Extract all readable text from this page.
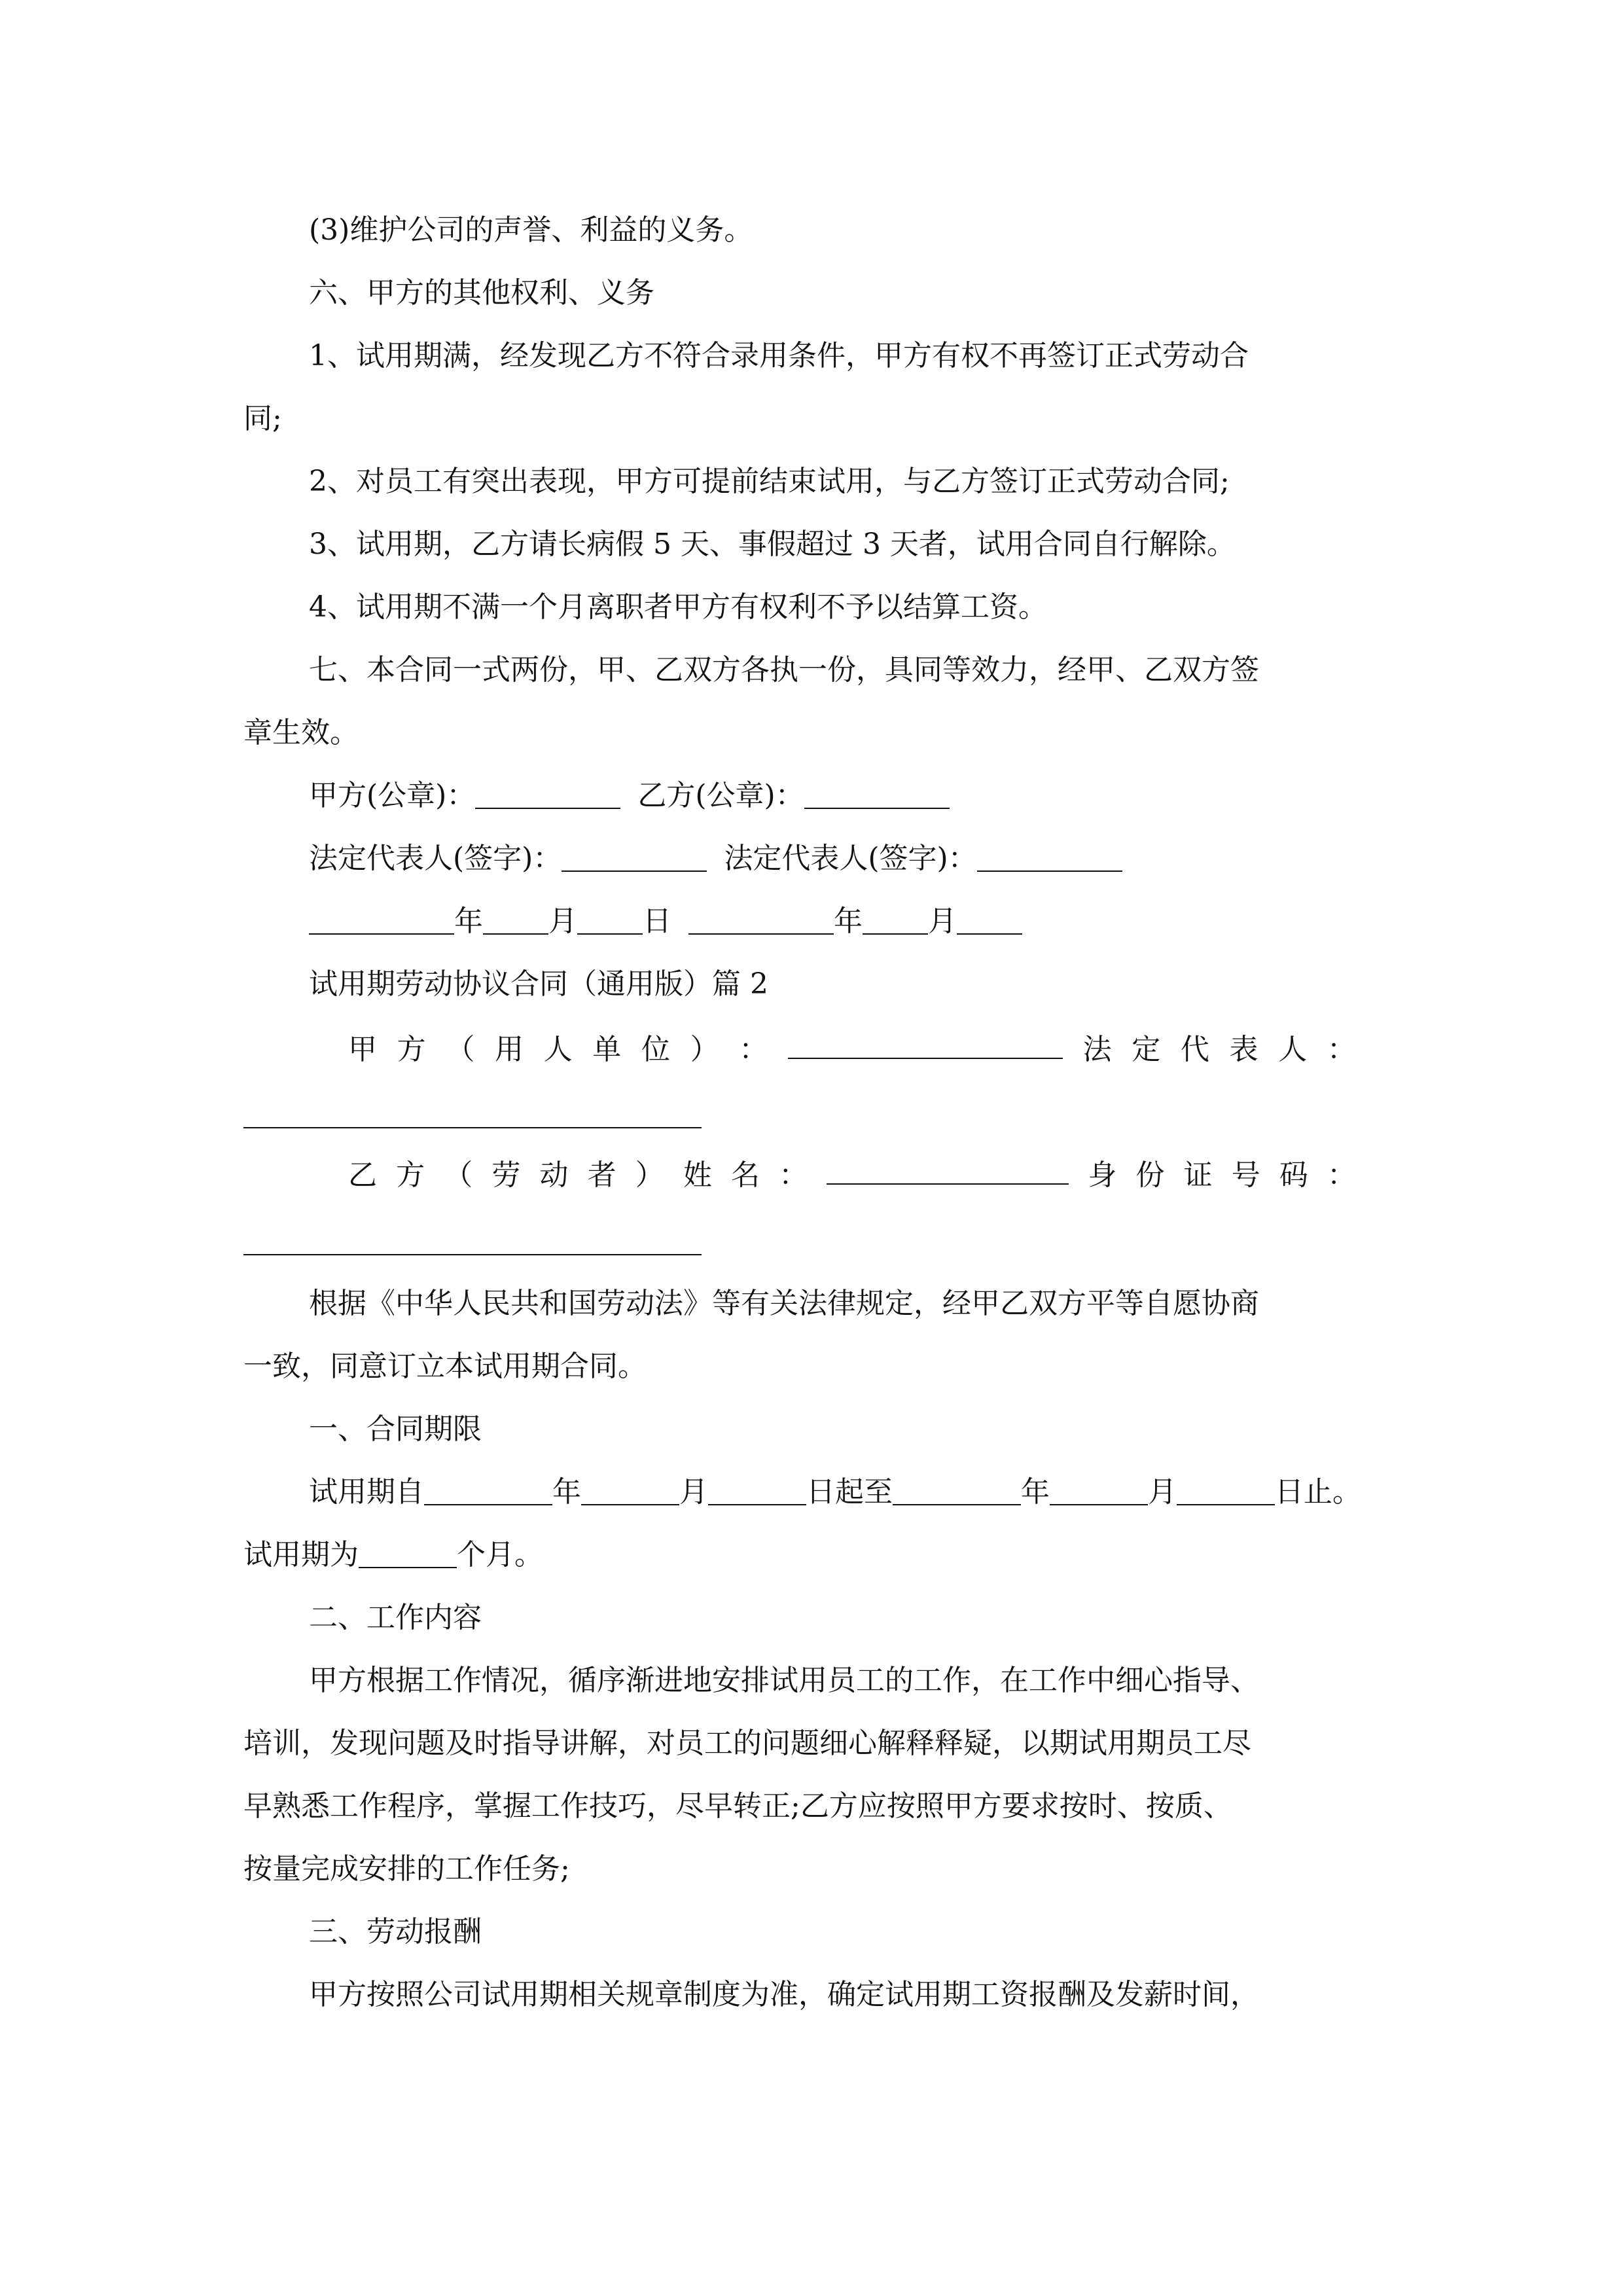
(3)维护公司的声誉、利益的义务。
六、甲方的其他权利、义务
1、试用期满，经发现乙方不符合录用条件，甲方有权不再签订正式劳动合
同;
2、对员工有突出表现，甲方可提前结束试用，与乙方签订正式劳动合同;
3、试用期，乙方请长病假 5 天、事假超过 3 天者，试用合同自行解除。
4、试用期不满一个月离职者甲方有权利不予以结算工资。
七、本合同一式两份，甲、乙双方各执一份，具同等效力，经甲、乙双方签
章生效。
甲方(公章)：	乙方(公章)：
法定代表人(签字)：	法定代表人(签字)：
年 月 日	年 月
试用期劳动协议合同（通用版）篇 2
甲 方 （ 用 人 单 位 ） ：	法 定 代 表 人 ：
乙 方 （ 劳 动 者 ） 姓 名 ：	身 份 证 号 码 ：
根据《中华人民共和国劳动法》等有关法律规定，经甲乙双方平等自愿协商
一致，同意订立本试用期合同。
一、合同期限
试用期自	年	月	日起至	年	月	日止。
试用期为	个月。
二、工作内容
甲方根据工作情况，循序渐进地安排试用员工的工作，在工作中细心指导、
培训，发现问题及时指导讲解，对员工的问题细心解释释疑，以期试用期员工尽
早熟悉工作程序，掌握工作技巧，尽早转正;乙方应按照甲方要求按时、按质、
按量完成安排的工作任务;
三、劳动报酬
甲方按照公司试用期相关规章制度为准，确定试用期工资报酬及发薪时间，
